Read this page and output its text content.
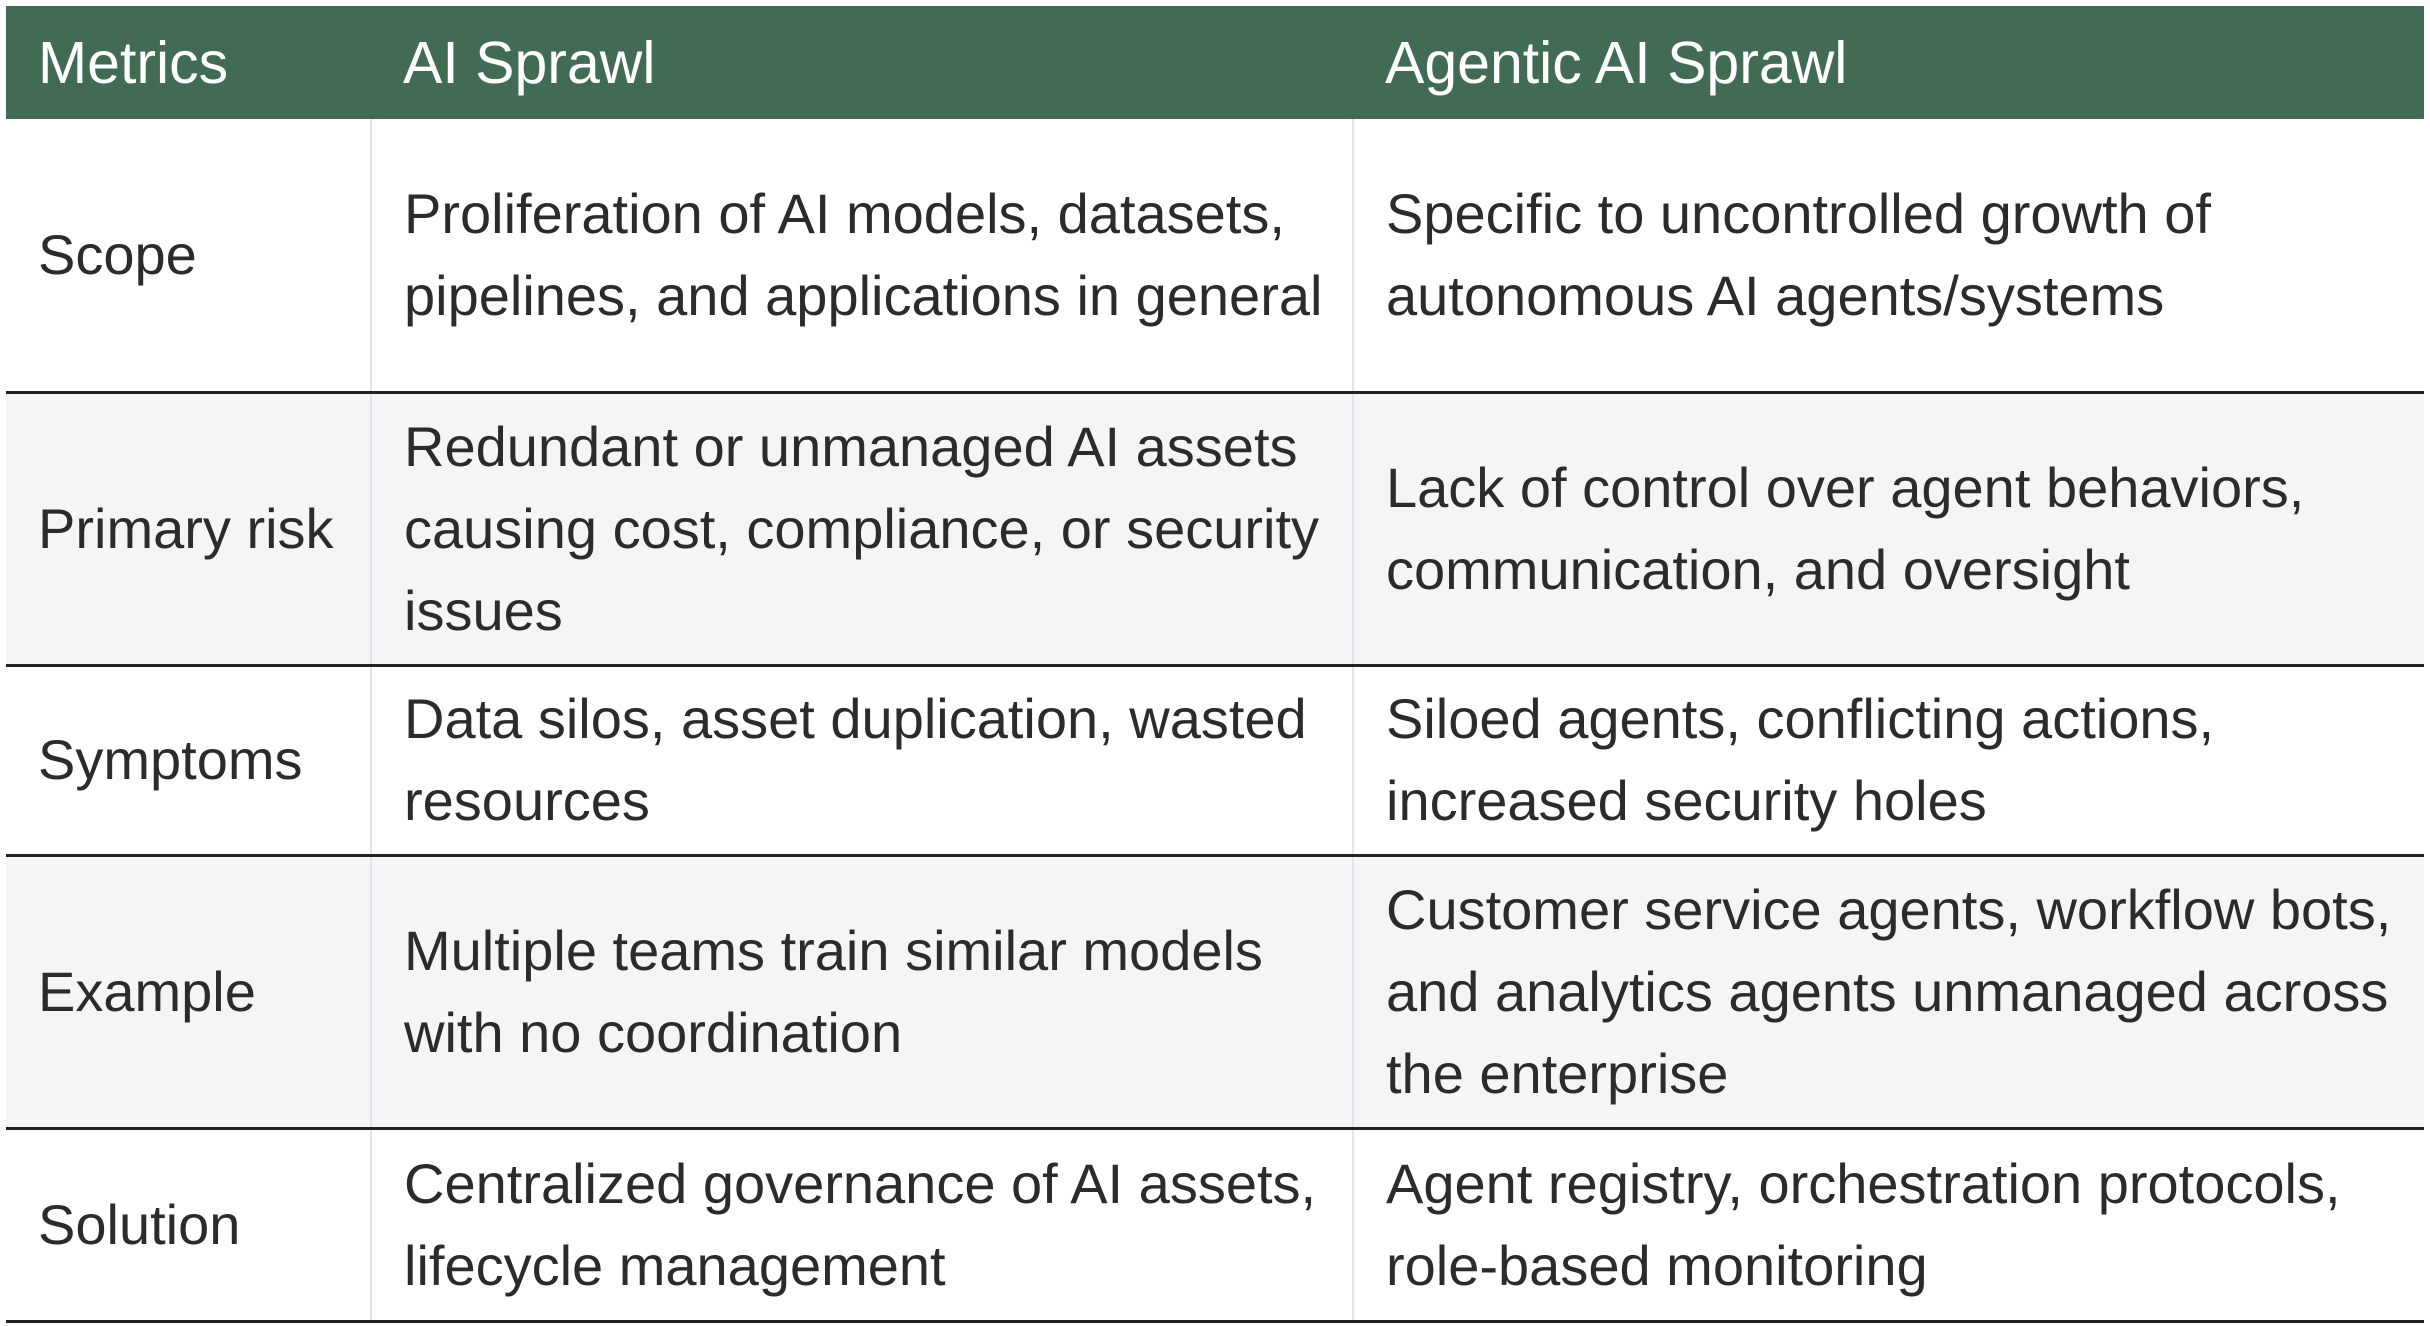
Metrics	AI Sprawl	Agentic AI Sprawl
Scope	Proliferation of AI models, datasets, pipelines, and applications in general	Specific to uncontrolled growth of autonomous AI agents/systems
Primary risk	Redundant or unmanaged AI assets causing cost, compliance, or security issues	Lack of control over agent behaviors, communication, and oversight
Symptoms	Data silos, asset duplication, wasted resources	Siloed agents, conflicting actions, increased security holes
Example	Multiple teams train similar models with no coordination	Customer service agents, workflow bots, and analytics agents unmanaged across the enterprise
Solution	Centralized governance of AI assets, lifecycle management	Agent registry, orchestration protocols, role-based monitoring
